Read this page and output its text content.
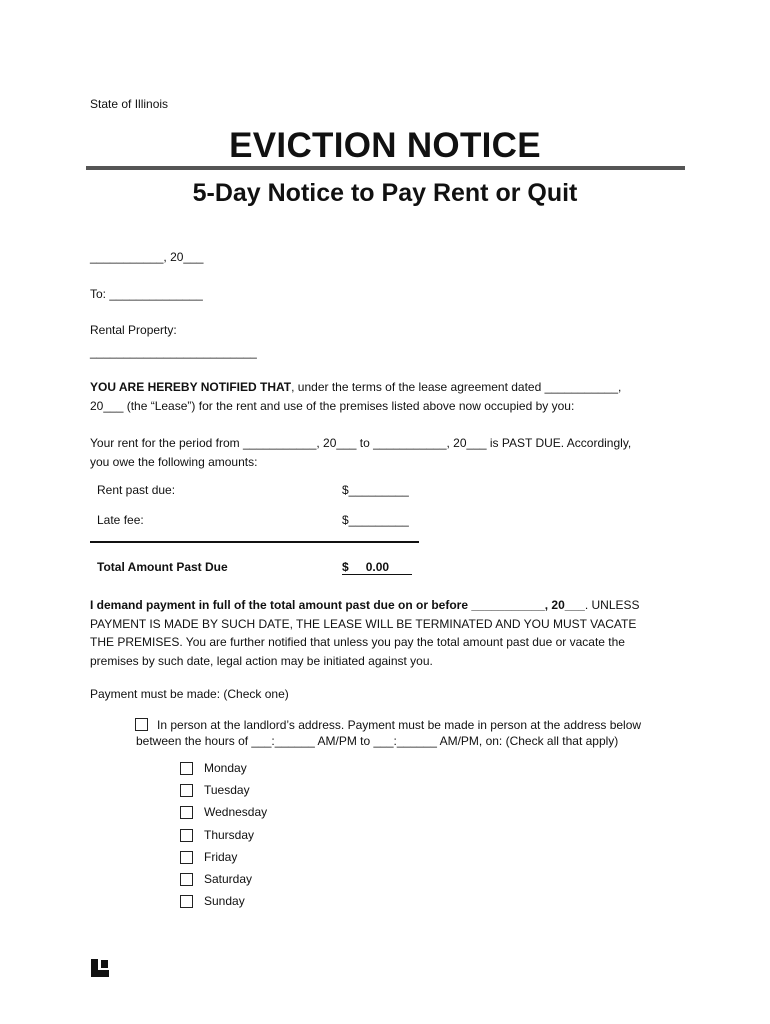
State of Illinois
EVICTION NOTICE
5-Day Notice to Pay Rent or Quit
___________, 20___
To: ______________
Rental Property:
_________________________
YOU ARE HEREBY NOTIFIED THAT, under the terms of the lease agreement dated ___________,
20___ (the “Lease”) for the rent and use of the premises listed above now occupied by you:
Your rent for the period from ___________, 20___ to ___________, 20___ is PAST DUE. Accordingly,
you owe the following amounts:
Rent past due:	$_________
Late fee:	$_________
Total Amount Past Due	$ 0.00
I demand payment in full of the total amount past due on or before ___________, 20___. UNLESS
PAYMENT IS MADE BY SUCH DATE, THE LEASE WILL BE TERMINATED AND YOU MUST VACATE
THE PREMISES. You are further notified that unless you pay the total amount past due or vacate the
premises by such date, legal action may be initiated against you.
Payment must be made: (Check one)
In person at the landlord’s address. Payment must be made in person at the address below
between the hours of ___:______ AM/PM to ___:______ AM/PM, on: (Check all that apply)
Monday
Tuesday
Wednesday
Thursday
Friday
Saturday
Sunday
